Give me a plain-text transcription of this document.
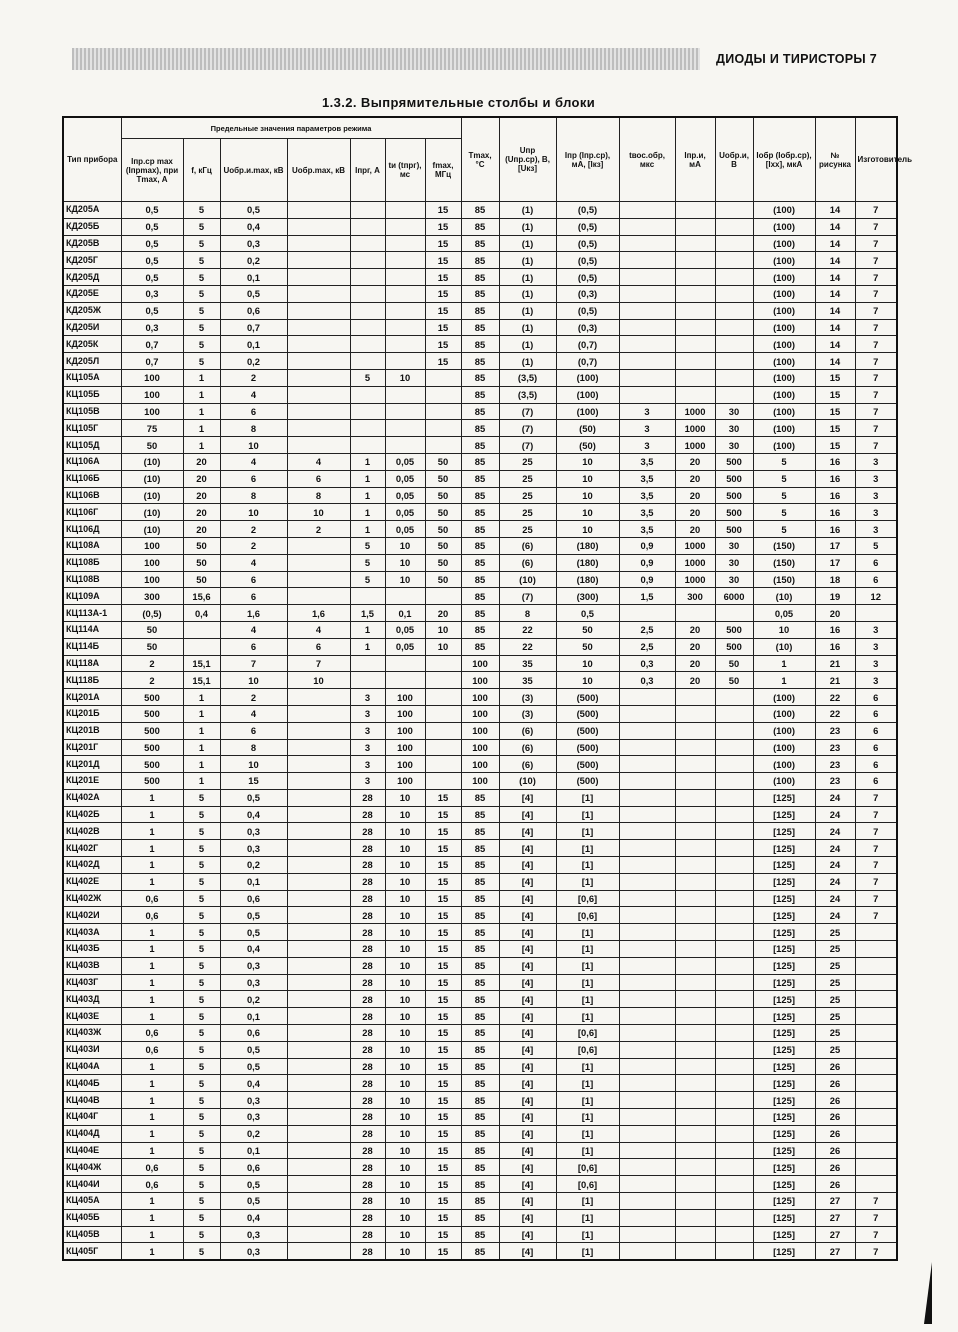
ДИОДЫ И ТИРИСТОРЫ 7
1.3.2. Выпрямительные столбы и блоки
Тип прибора	Предельные значения параметров режима							Tmax, °С	Uпр (Uпр.ср), В, [Uкз]	Iпр (Iпр.ср), мА, [Iкз]	tвос.обр, мкс	Iпр.и, мА	Uобр.и, В	Iобр (Iобр.ср), [Iхх], мкА	№ рисунка	Изготовитель
	Iпр.ср max (Iпрmax), при Tmax, А	f, кГц	Uобр.и.max, кВ	Uобр.max, кВ	Iпрг, А	tи (tпрг), мс	fmax, МГц									
КД205А	0,5	5	0,5				15	85	(1)	(0,5)				(100)	14	7
КД205Б	0,5	5	0,4				15	85	(1)	(0,5)				(100)	14	7
КД205В	0,5	5	0,3				15	85	(1)	(0,5)				(100)	14	7
КД205Г	0,5	5	0,2				15	85	(1)	(0,5)				(100)	14	7
КД205Д	0,5	5	0,1				15	85	(1)	(0,5)				(100)	14	7
КД205Е	0,3	5	0,5				15	85	(1)	(0,3)				(100)	14	7
КД205Ж	0,5	5	0,6				15	85	(1)	(0,5)				(100)	14	7
КД205И	0,3	5	0,7				15	85	(1)	(0,3)				(100)	14	7
КД205К	0,7	5	0,1				15	85	(1)	(0,7)				(100)	14	7
КД205Л	0,7	5	0,2				15	85	(1)	(0,7)				(100)	14	7
КЦ105А	100	1	2		5	10		85	(3,5)	(100)				(100)	15	7
КЦ105Б	100	1	4					85	(3,5)	(100)				(100)	15	7
КЦ105В	100	1	6					85	(7)	(100)	3	1000	30	(100)	15	7
КЦ105Г	75	1	8					85	(7)	(50)	3	1000	30	(100)	15	7
КЦ105Д	50	1	10					85	(7)	(50)	3	1000	30	(100)	15	7
КЦ106А	(10)	20	4	4	1	0,05	50	85	25	10	3,5	20	500	5	16	3
КЦ106Б	(10)	20	6	6	1	0,05	50	85	25	10	3,5	20	500	5	16	3
КЦ106В	(10)	20	8	8	1	0,05	50	85	25	10	3,5	20	500	5	16	3
КЦ106Г	(10)	20	10	10	1	0,05	50	85	25	10	3,5	20	500	5	16	3
КЦ106Д	(10)	20	2	2	1	0,05	50	85	25	10	3,5	20	500	5	16	3
КЦ108А	100	50	2		5	10	50	85	(6)	(180)	0,9	1000	30	(150)	17	5
КЦ108Б	100	50	4		5	10	50	85	(6)	(180)	0,9	1000	30	(150)	17	6
КЦ108В	100	50	6		5	10	50	85	(10)	(180)	0,9	1000	30	(150)	18	6
КЦ109А	300	15,6	6					85	(7)	(300)	1,5	300	6000	(10)	19	12
КЦ113А-1	(0,5)	0,4	1,6	1,6	1,5	0,1	20	85	8	0,5				0,05	20	
КЦ114А	50		4	4	1	0,05	10	85	22	50	2,5	20	500	10	16	3
КЦ114Б	50		6	6	1	0,05	10	85	22	50	2,5	20	500	(10)	16	3
КЦ118А	2	15,1	7	7				100	35	10	0,3	20	50	1	21	3
КЦ118Б	2	15,1	10	10				100	35	10	0,3	20	50	1	21	3
КЦ201А	500	1	2		3	100		100	(3)	(500)				(100)	22	6
КЦ201Б	500	1	4		3	100		100	(3)	(500)				(100)	22	6
КЦ201В	500	1	6		3	100		100	(6)	(500)				(100)	23	6
КЦ201Г	500	1	8		3	100		100	(6)	(500)				(100)	23	6
КЦ201Д	500	1	10		3	100		100	(6)	(500)				(100)	23	6
КЦ201Е	500	1	15		3	100		100	(10)	(500)				(100)	23	6
КЦ402А	1	5	0,5		28	10	15	85	[4]	[1]				[125]	24	7
КЦ402Б	1	5	0,4		28	10	15	85	[4]	[1]				[125]	24	7
КЦ402В	1	5	0,3		28	10	15	85	[4]	[1]				[125]	24	7
КЦ402Г	1	5	0,3		28	10	15	85	[4]	[1]				[125]	24	7
КЦ402Д	1	5	0,2		28	10	15	85	[4]	[1]				[125]	24	7
КЦ402Е	1	5	0,1		28	10	15	85	[4]	[1]				[125]	24	7
КЦ402Ж	0,6	5	0,6		28	10	15	85	[4]	[0,6]				[125]	24	7
КЦ402И	0,6	5	0,5		28	10	15	85	[4]	[0,6]				[125]	24	7
КЦ403А	1	5	0,5		28	10	15	85	[4]	[1]				[125]	25	
КЦ403Б	1	5	0,4		28	10	15	85	[4]	[1]				[125]	25	
КЦ403В	1	5	0,3		28	10	15	85	[4]	[1]				[125]	25	
КЦ403Г	1	5	0,3		28	10	15	85	[4]	[1]				[125]	25	
КЦ403Д	1	5	0,2		28	10	15	85	[4]	[1]				[125]	25	
КЦ403Е	1	5	0,1		28	10	15	85	[4]	[1]				[125]	25	
КЦ403Ж	0,6	5	0,6		28	10	15	85	[4]	[0,6]				[125]	25	
КЦ403И	0,6	5	0,5		28	10	15	85	[4]	[0,6]				[125]	25	
КЦ404А	1	5	0,5		28	10	15	85	[4]	[1]				[125]	26	
КЦ404Б	1	5	0,4		28	10	15	85	[4]	[1]				[125]	26	
КЦ404В	1	5	0,3		28	10	15	85	[4]	[1]				[125]	26	
КЦ404Г	1	5	0,3		28	10	15	85	[4]	[1]				[125]	26	
КЦ404Д	1	5	0,2		28	10	15	85	[4]	[1]				[125]	26	
КЦ404Е	1	5	0,1		28	10	15	85	[4]	[1]				[125]	26	
КЦ404Ж	0,6	5	0,6		28	10	15	85	[4]	[0,6]				[125]	26	
КЦ404И	0,6	5	0,5		28	10	15	85	[4]	[0,6]				[125]	26	
КЦ405А	1	5	0,5		28	10	15	85	[4]	[1]				[125]	27	7
КЦ405Б	1	5	0,4		28	10	15	85	[4]	[1]				[125]	27	7
КЦ405В	1	5	0,3		28	10	15	85	[4]	[1]				[125]	27	7
КЦ405Г	1	5	0,3		28	10	15	85	[4]	[1]				[125]	27	7
